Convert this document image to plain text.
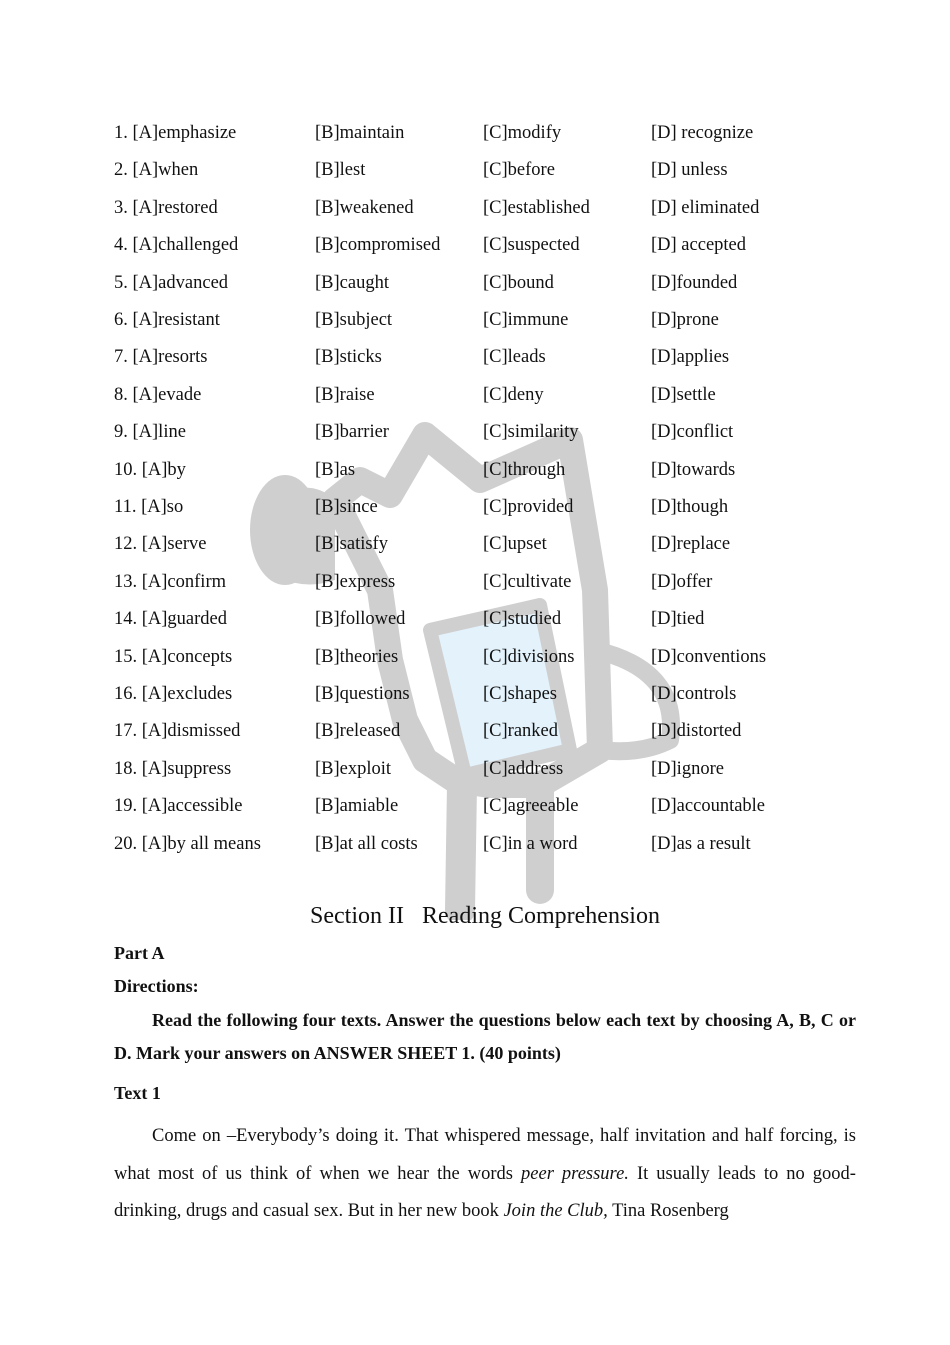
1. [A]emphasize	[B]maintain	[C]modify	[D] recognize
2. [A]when	[B]lest	[C]before	[D] unless
3. [A]restored	[B]weakened	[C]established	[D] eliminated
4. [A]challenged	[B]compromised [C]suspected	[D] accepted
5. [A]advanced	[B]caught	[C]bound	[D]founded
6. [A]resistant	[B]subject	[C]immune	[D]prone
7. [A]resorts	[B]sticks	[C]leads	[D]applies
8. [A]evade	[B]raise	[C]deny	[D]settle
9. [A]line	[B]barrier	[C]similarity	[D]conflict
10. [A]by	[B]as	[C]through	[D]towards
11. [A]so	[B]since	[C]provided	[D]though
12. [A]serve	[B]satisfy	[C]upset	[D]replace
13. [A]confirm	[B]express	[C]cultivate	[D]offer
14. [A]guarded	[B]followed	[C]studied	[D]tied
15. [A]concepts	[B]theories	[C]divisions	[D]conventions
16. [A]excludes	[B]questions	[C]shapes	[D]controls
17. [A]dismissed	[B]released	[C]ranked	[D]distorted
18. [A]suppress	[B]exploit	[C]address	[D]ignore
19. [A]accessible	[B]amiable	[C]agreeable	[D]accountable
20. [A]by all means	[B]at all costs	[C]in a word	[D]as a result
Section II   Reading Comprehension
Part A
Directions:

Read the following four texts. Answer the questions below each text by choosing A, B, C or D. Mark your answers on ANSWER SHEET 1. (40 points)

Text 1

Come on –Everybody’s doing it. That whispered message, half invitation and half forcing, is what most of us think of when we hear the words peer pressure. It usually leads to no good-drinking, drugs and casual sex. But in her new book Join the Club, Tina Rosenberg
